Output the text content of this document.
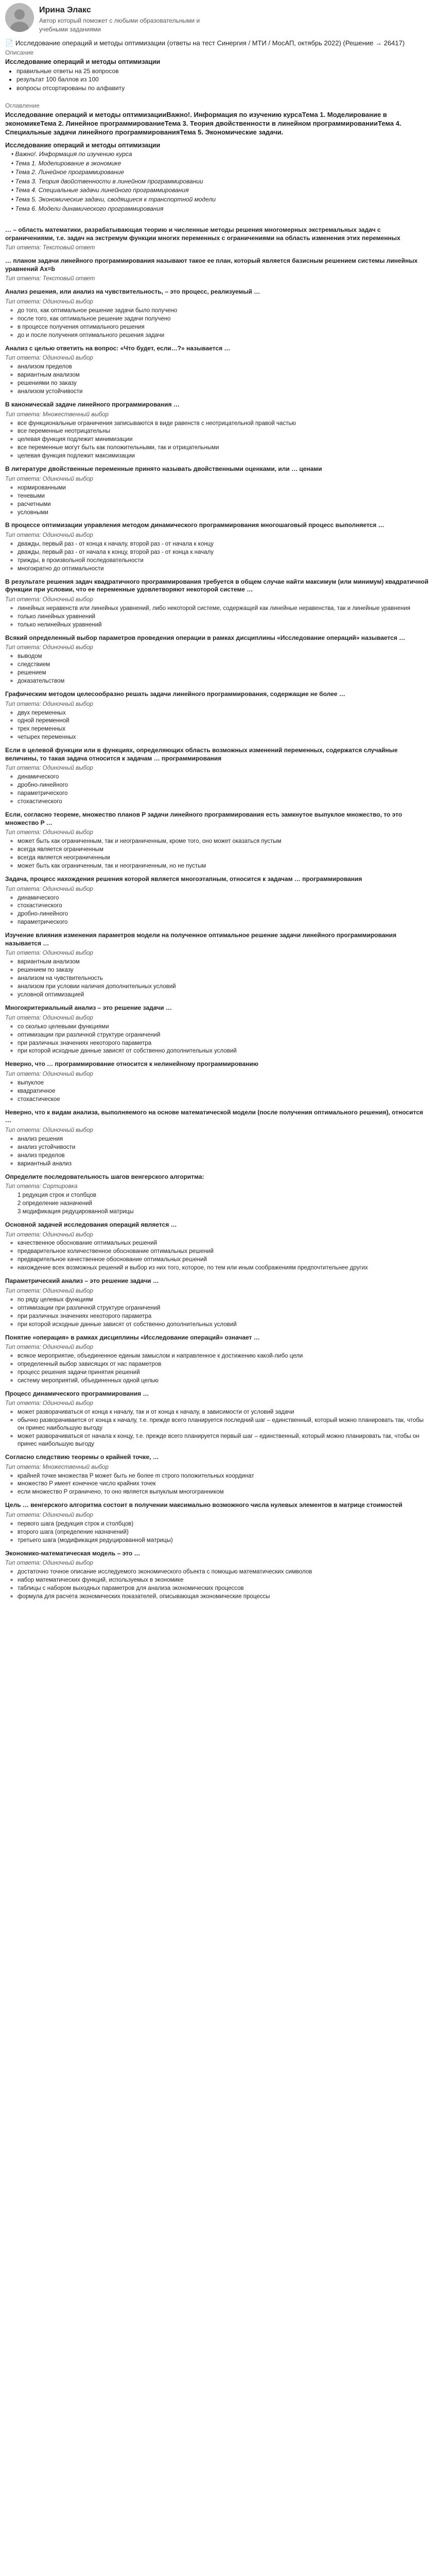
Ирина Элакс
Автор который поможет с любыми образовательными и
учебными заданиями
📄 Исследование операций и методы оптимизации (ответы на тест Синергия / МТИ / МосАП, октябрь 2022) (Решение → 26417)
Описание
Исследование операций и методы оптимизации
• правильные ответы на 25 вопросов
• результат 100 баллов из 100
• вопросы отсортированы по алфавиту
Оглавление
Исследование операций и методы оптимизацииВажно!. Информация по изучению курсаТема 1. Моделирование в экономикеТема 2. Линейное программированиеТема 3. Теория двойственности в линейном программированииТема 4. Специальные задачи линейного программированияТема 5. Экономические задачи.
Исследование операций и методы оптимизации
• Важно!. Информация по изучению курса
• Тема 1. Моделирование в экономике
• Тема 2. Линейное программирование
• Тема 3. Теория двойственности в линейном программировании
• Тема 4. Специальные задачи линейного программирования
• Тема 5. Экономические задачи, сводящиеся к транспортной модели
• Тема 6. Модели динамического программирования
… – область математики, разрабатывающая теорию и численные методы решения многомерных экстремальных задач с ограничениями, т.е. задач на экстремум функции многих переменных с ограничениями на область изменения этих переменных
Тип ответа: Текстовый ответ
… планом задачи линейного программирования называют такое ее план, который является базисным решением системы линейных уравнений Ax=b
Тип ответа: Текстовый ответ
Анализ решения, или анализ на чувствительность, – это процесс, реализуемый …
Тип ответа: Одиночный выбор
◦ до того, как оптимальное решение задачи было получено
◦ после того, как оптимальное решение задачи получено
◦ в процессе получения оптимального решения
◦ до и после получения оптимального решения задачи
Анализ с целью ответить на вопрос: «Что будет, если…?» называется …
Тип ответа: Одиночный выбор
◦ анализом пределов
◦ вариантным анализом
◦ решениями по заказу
◦ анализом устойчивости
В каноническай задаче линейного программирования …
Тип ответа: Множественный выбор
◦ все функциональные ограничения записываются в виде равенств с неотрицательной правой частью
◦ все переменные неотрицательны
◦ целевая функция подлежит минимизации
◦ все переменные могут быть как положительными, так и отрицательными
◦ целевая функция подлежит максимизации
В литературе двойственные переменные принято называть двойственными оценками, или … ценами
Тип ответа: Одиночный выбор
◦ нормированными
◦ теневыми
◦ расчетными
◦ условными
В процессе оптимизации управления методом динамического программирования многошаговый процесс выполняется …
Тип ответа: Одиночный выбор
◦ дважды, первый раз - от конца к началу, второй раз - от начала к концу
◦ дважды, первый раз - от начала к концу, второй раз - от конца к началу
◦ трижды, в произвольной последовательности
◦ многократно до оптимальности
В результате решения задач квадратичного программирования требуется в общем случае найти максимум (или минимум) квадратичной функции при условии, что ее переменные удовлетворяют некоторой системе …
Тип ответа: Одиночный выбор
◦ линейных неравенств или линейных уравнений, либо некоторой системе, содержащей как линейные неравенства, так и линейные уравнения
◦ только линейных уравнений
◦ только нелинейных уравнений
Всякий определенный выбор параметров проведения операции в рамках дисциплины «Исследование операций» называется …
Тип ответа: Одиночный выбор
◦ выводом
◦ следствием
◦ решением
◦ доказательством
Графическим методом целесообразно решать задачи линейного программирования, содержащие не более …
Тип ответа: Одиночный выбор
◦ двух переменных
◦ одной переменной
◦ трех переменных
◦ четырех переменных
Если в целевой функции или в функциях, определяющих область возможных изменений переменных, содержатся случайные величины, то такая задача относится к задачам … программирования
Тип ответа: Одиночный выбор
◦ динамического
◦ дробно-линейного
◦ параметрического
◦ стохастического
Если, согласно теореме, множество планов P задачи линейного программирования есть замкнутое выпуклое множество, то это множество P …
Тип ответа: Одиночный выбор
◦ может быть как ограниченным, так и неограниченным, кроме того, оно может оказаться пустым
◦ всегда является ограниченным
◦ всегда является неограниченным
◦ может быть как ограниченным, так и неограниченным, но не пустым
Задача, процесс нахождения решения которой является многоэтапным, относится к задачам … программирования
Тип ответа: Одиночный выбор
◦ динамического
◦ стохастического
◦ дробно-линейного
◦ параметрического
Изучение влияния изменения параметров модели на полученное оптимальное решение задачи линейного программирования называется …
Тип ответа: Одиночный выбор
◦ вариантным анализом
◦ решением по заказу
◦ анализом на чувствительность
◦ анализом при условии наличия дополнительных условий
◦ условной оптимизацией
Многокритериальный анализ – это решение задачи …
Тип ответа: Одиночный выбор
◦ со сколько целевыми функциями
◦ оптимизации при различной структуре ограничений
◦ при различных значениях некоторого параметра
◦ при которой исходные данные зависят от собственно дополнительных условий
Неверно, что … программирование относится к нелинейному программированию
Тип ответа: Одиночный выбор
◦ выпуклое
◦ квадратичное
◦ стохастическое
Неверно, что к видам анализа, выполняемого на основе математической модели (после получения оптимального решения), относится …
Тип ответа: Одиночный выбор
◦ анализ решения
◦ анализ устойчивости
◦ анализ пределов
◦ вариантный анализ
Определите последовательность шагов венгерского алгоритма:
Тип ответа: Сортировка
1 редукция строк и столбцов
2 определение назначений
3 модификация редуцированной матрицы
Основной задачей исследования операций является …
Тип ответа: Одиночный выбор
◦ качественное обоснование оптимальных решений
◦ предварительное количественное обоснование оптимальных решений
◦ предварительное качественное обоснование оптимальных решений
◦ нахождение всех возможных решений и выбор из них того, которое, по тем или иным соображениям предпочтительнее других
Параметрический анализ – это решение задачи …
Тип ответа: Одиночный выбор
◦ по ряду целевых функциям
◦ оптимизации при различной структуре ограничений
◦ при различных значениях некоторого параметра
◦ при которой исходные данные зависят от собственно дополнительных условий
Понятие «операция» в рамках дисциплины «Исследование операций» означает …
Тип ответа: Одиночный выбор
◦ всякое мероприятие, объединенное единым замыслом и направленное к достижению какой-либо цели
◦ определенный выбор зависящих от нас параметров
◦ процесс решения задачи принятия решений
◦ систему мероприятий, объединенных одной целью
Процесс динамического программирования …
Тип ответа: Одиночный выбор
◦ может разворачиваться от конца к началу, так и от конца к началу, в зависимости от условий задачи
◦ обычно разворачивается от конца к началу, т.е. прежде всего планируется последний шаг – единственный, который можно планировать так, чтобы он принес наибольшую выгоду
◦ может разворачиваться от начала к концу, т.е. прежде всего планируется первый шаг – единственный, который можно планировать так, чтобы он принес наибольшую выгоду
Согласно следствию теоремы о крайней точке, …
Тип ответа: Множественный выбор
◦ крайней точке множества P может быть не более m строго положительных координат
◦ множество P имеет конечное число крайних точек
◦ если множество P ограничено, то оно является выпуклым многогранником
Цель … венгерского алгоритма состоит в получении максимально возможного числа нулевых элементов в матрице стоимостей
Тип ответа: Одиночный выбор
◦ первого шага (редукция строк и столбцов)
◦ второго шага (определение назначений)
◦ третьего шага (модификация редуцированной матрицы)
Экономико-математическая модель – это …
Тип ответа: Одиночный выбор
◦ достаточно точное описание исследуемого экономического объекта с помощью математических символов
◦ набор математических функций, используемых в экономике
◦ таблицы с набором выходных параметров для анализа экономических процессов
◦ формула для расчета экономических показателей, описывающая экономические процессы
